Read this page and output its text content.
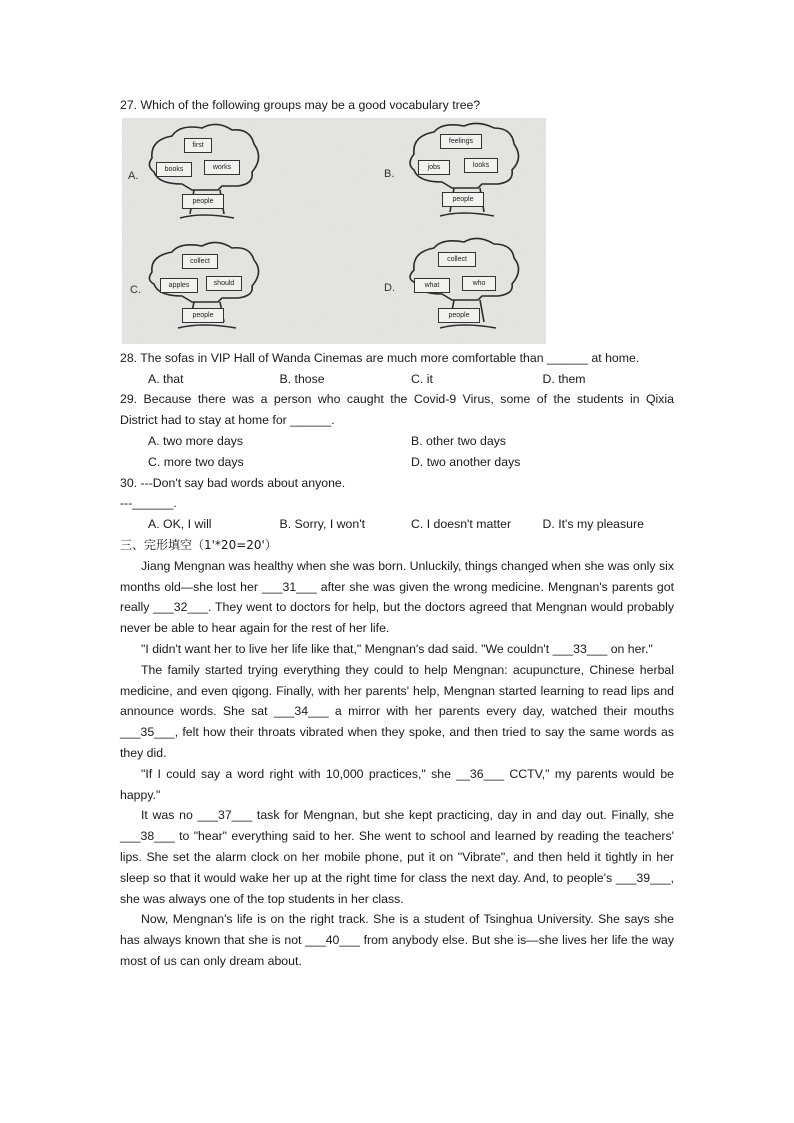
27. Which of the following groups may be a good vocabulary tree?
A.
first
books	works
people
B.
feelings
jobs	looks
people
C.
collect
apples	should
people
D.
collect
what	who
people
28. The sofas in VIP Hall of Wanda Cinemas are much more comfortable than ______ at home.
A. that	B. those	C. it	D. them
29. Because there was a person who caught the Covid-9 Virus, some of the students in Qixia
District had to stay at home for ______.
A. two more days	B. other two days
C. more two days	D. two another days
30. ---Don't say bad words about anyone.
---______.
A. OK, I will	B. Sorry, I won't	C. I doesn't matter	D. It's my pleasure
三、完形填空（1'*20=20'）

Jiang Mengnan was healthy when she was born. Unluckily, things changed when she was only six months old—she lost her ___31___ after she was given the wrong medicine. Mengnan's parents got really ___32___. They went to doctors for help, but the doctors agreed that Mengnan would probably never be able to hear again for the rest of her life.

"I didn't want her to live her life like that," Mengnan's dad said. "We couldn't ___33___ on her."

The family started trying everything they could to help Mengnan: acupuncture, Chinese herbal medicine, and even qigong. Finally, with her parents' help, Mengnan started learning to read lips and announce words. She sat ___34___ a mirror with her parents every day, watched their mouths ___35___, felt how their throats vibrated when they spoke, and then tried to say the same words as they did.

"If I could say a word right with 10,000 practices," she __36___ CCTV," my parents would be happy."

It was no ___37___ task for Mengnan, but she kept practicing, day in and day out. Finally, she ___38___ to "hear" everything said to her. She went to school and learned by reading the teachers' lips. She set the alarm clock on her mobile phone, put it on "Vibrate", and then held it tightly in her sleep so that it would wake her up at the right time for class the next day. And, to people's ___39___, she was always one of the top students in her class.

Now, Mengnan's life is on the right track. She is a student of Tsinghua University. She says she has always known that she is not ___40___ from anybody else. But she is—she lives her life the way most of us can only dream about.
